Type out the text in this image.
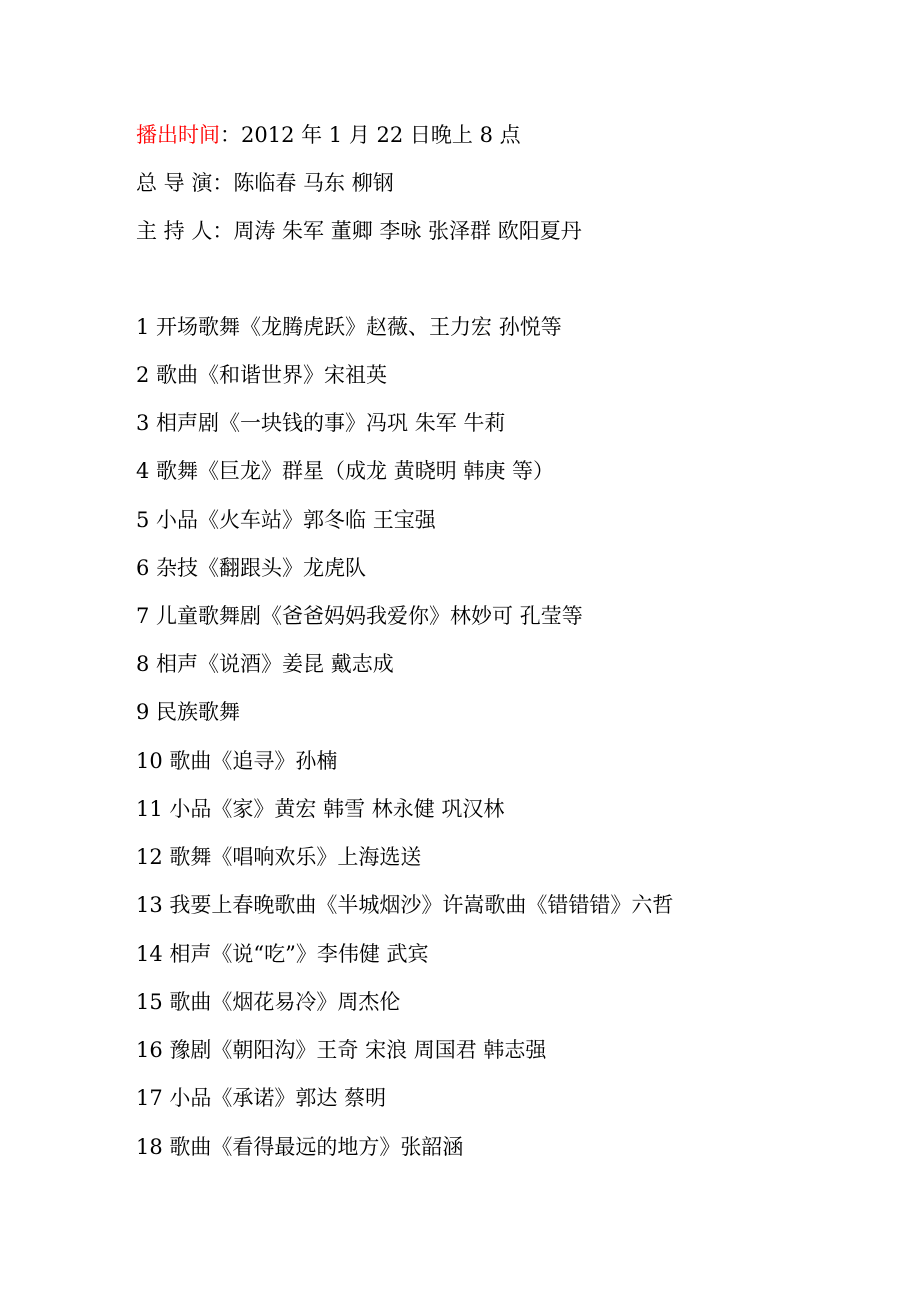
播出时间：2012 年 1 月 22 日晚上 8 点
总 导 演：陈临春 马东 柳钢
主 持 人：周涛 朱军 董卿 李咏 张泽群 欧阳夏丹
1 开场歌舞《龙腾虎跃》赵薇、王力宏 孙悦等
2 歌曲《和谐世界》宋祖英
3 相声剧《一块钱的事》冯巩 朱军 牛莉
4 歌舞《巨龙》群星（成龙 黄晓明 韩庚 等）
5 小品《火车站》郭冬临 王宝强
6 杂技《翻跟头》龙虎队
7 儿童歌舞剧《爸爸妈妈我爱你》林妙可 孔莹等
8 相声《说酒》姜昆 戴志成
9 民族歌舞
10 歌曲《追寻》孙楠
11 小品《家》黄宏 韩雪 林永健 巩汉林
12 歌舞《唱响欢乐》上海选送
13 我要上春晚歌曲《半城烟沙》许嵩歌曲《错错错》六哲
14 相声《说“吃”》李伟健 武宾
15 歌曲《烟花易冷》周杰伦
16 豫剧《朝阳沟》王奇 宋浪 周国君 韩志强
17 小品《承诺》郭达 蔡明
18 歌曲《看得最远的地方》张韶涵
